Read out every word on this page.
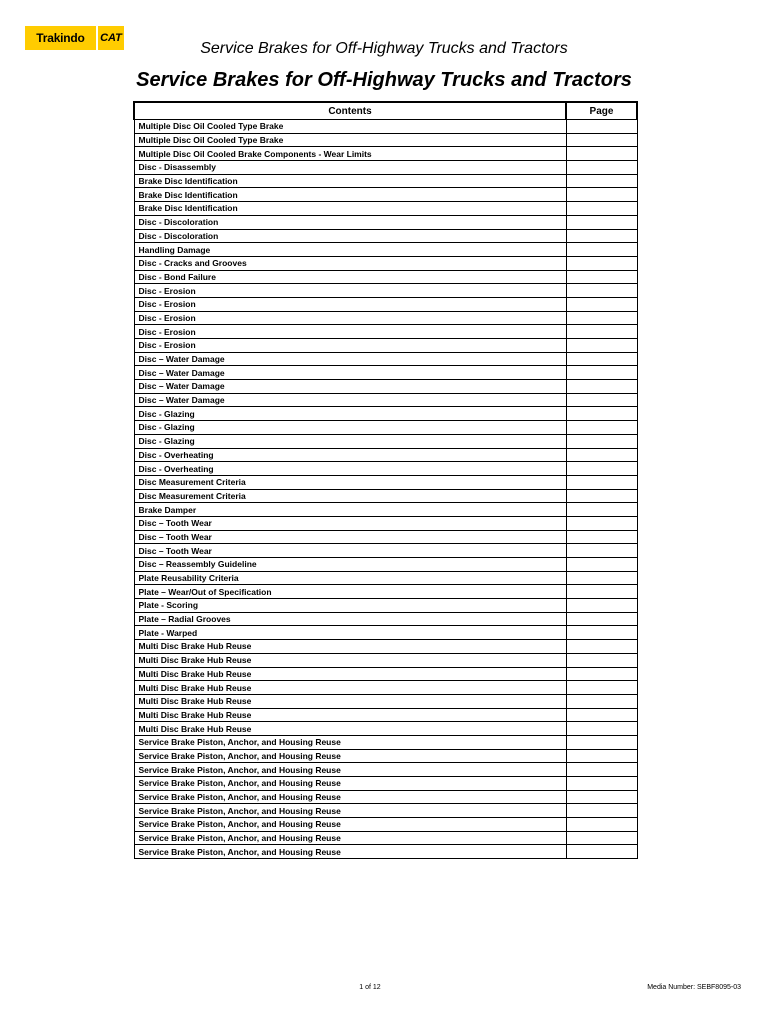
Trakindo	CAT
Service Brakes for Off-Highway Trucks and Tractors
Service Brakes for Off-Highway Trucks and Tractors
Contents	Page
Multiple Disc Oil Cooled Type Brake	
Multiple Disc Oil Cooled Type Brake	
Multiple Disc Oil Cooled Brake Components - Wear Limits	
Disc - Disassembly	
Brake Disc Identification	
Brake Disc Identification	
Brake Disc Identification	
Disc - Discoloration	
Disc - Discoloration	
Handling Damage	
Disc - Cracks and Grooves	
Disc - Bond Failure	
Disc - Erosion	
Disc - Erosion	
Disc - Erosion	
Disc - Erosion	
Disc - Erosion	
Disc – Water Damage	
Disc – Water Damage	
Disc – Water Damage	
Disc – Water Damage	
Disc - Glazing	
Disc - Glazing	
Disc - Glazing	
Disc - Overheating	
Disc - Overheating	
Disc Measurement Criteria	
Disc Measurement Criteria	
Brake Damper	
Disc – Tooth Wear	
Disc – Tooth Wear	
Disc – Tooth Wear	
Disc – Reassembly Guideline	
Plate Reusability Criteria	
Plate – Wear/Out of Specification	
Plate - Scoring	
Plate – Radial Grooves	
Plate - Warped	
Multi Disc Brake Hub Reuse	
Multi Disc Brake Hub Reuse	
Multi Disc Brake Hub Reuse	
Multi Disc Brake Hub Reuse	
Multi Disc Brake Hub Reuse	
Multi Disc Brake Hub Reuse	
Multi Disc Brake Hub Reuse	
Service Brake Piston, Anchor, and Housing Reuse	
Service Brake Piston, Anchor, and Housing Reuse	
Service Brake Piston, Anchor, and Housing Reuse	
Service Brake Piston, Anchor, and Housing Reuse	
Service Brake Piston, Anchor, and Housing Reuse	
Service Brake Piston, Anchor, and Housing Reuse	
Service Brake Piston, Anchor, and Housing Reuse	
Service Brake Piston, Anchor, and Housing Reuse	
Service Brake Piston, Anchor, and Housing Reuse	
1 of 12	Media Number: SEBF8095-03
